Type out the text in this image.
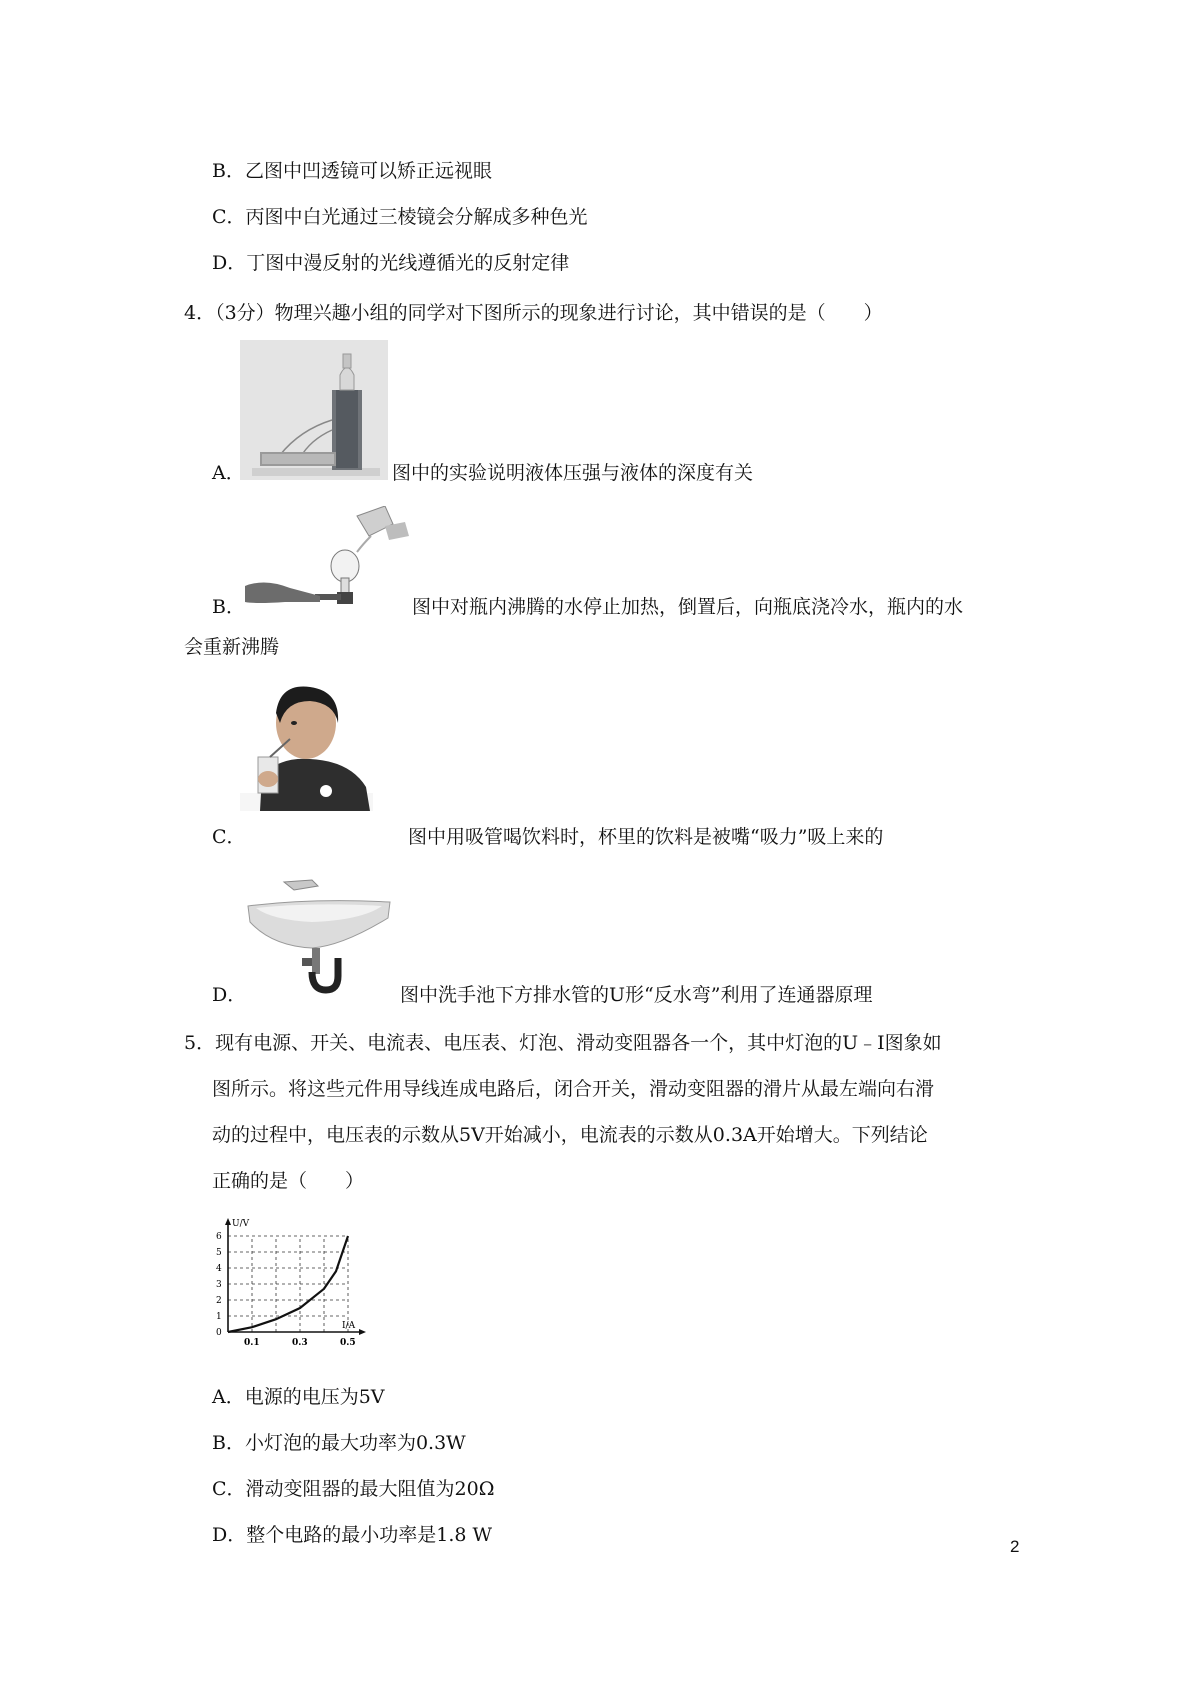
B．乙图中凹透镜可以矫正远视眼
C．丙图中白光通过三棱镜会分解成多种色光
D．丁图中漫反射的光线遵循光的反射定律
4．（3分）物理兴趣小组的同学对下图所示的现象进行讨论，其中错误的是（　　）
A．	图中的实验说明液体压强与液体的深度有关
B．	图中对瓶内沸腾的水停止加热，倒置后，向瓶底浇冷水，瓶内的水
会重新沸腾
C．	图中用吸管喝饮料时，杯里的饮料是被嘴“吸力”吸上来的
D．	图中洗手池下方排水管的U形“反水弯”利用了连通器原理
5．现有电源、开关、电流表、电压表、灯泡、滑动变阻器各一个，其中灯泡的U﹣I图象如
图所示。将这些元件用导线连成电路后，闭合开关，滑动变阻器的滑片从最左端向右滑
动的过程中，电压表的示数从5V开始减小，电流表的示数从0.3A开始增大。下列结论
正确的是（　　）
U/V
I/A
0
1
2
3
4
5
6
0.1	0.3	0.5
A．电源的电压为5V
B．小灯泡的最大功率为0.3W
C．滑动变阻器的最大阻值为20Ω
D．整个电路的最小功率是1.8 W
2
